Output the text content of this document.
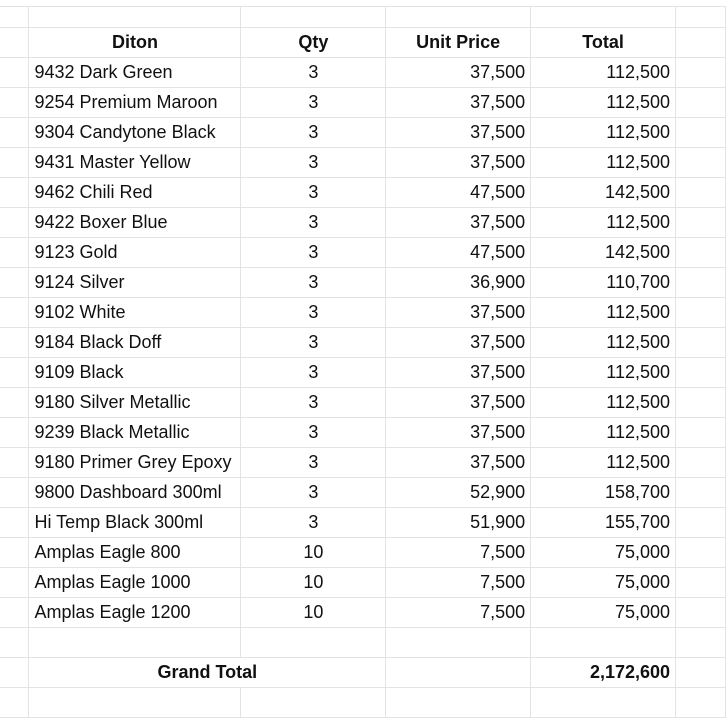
	Diton	Qty	Unit Price	Total	
	9432 Dark Green	3	37,500	112,500	
	9254 Premium Maroon	3	37,500	112,500	
	9304 Candytone Black	3	37,500	112,500	
	9431 Master Yellow	3	37,500	112,500	
	9462 Chili Red	3	47,500	142,500	
	9422 Boxer Blue	3	37,500	112,500	
	9123 Gold	3	47,500	142,500	
	9124 Silver	3	36,900	110,700	
	9102 White	3	37,500	112,500	
	9184 Black Doff	3	37,500	112,500	
	9109 Black	3	37,500	112,500	
	9180 Silver Metallic	3	37,500	112,500	
	9239 Black Metallic	3	37,500	112,500	
	9180 Primer Grey Epoxy	3	37,500	112,500	
	9800 Dashboard 300ml	3	52,900	158,700	
	Hi Temp Black 300ml	3	51,900	155,700	
	Amplas Eagle 800	10	7,500	75,000	
	Amplas Eagle 1000	10	7,500	75,000	
	Amplas Eagle 1200	10	7,500	75,000	

	Grand Total			2,172,600	
